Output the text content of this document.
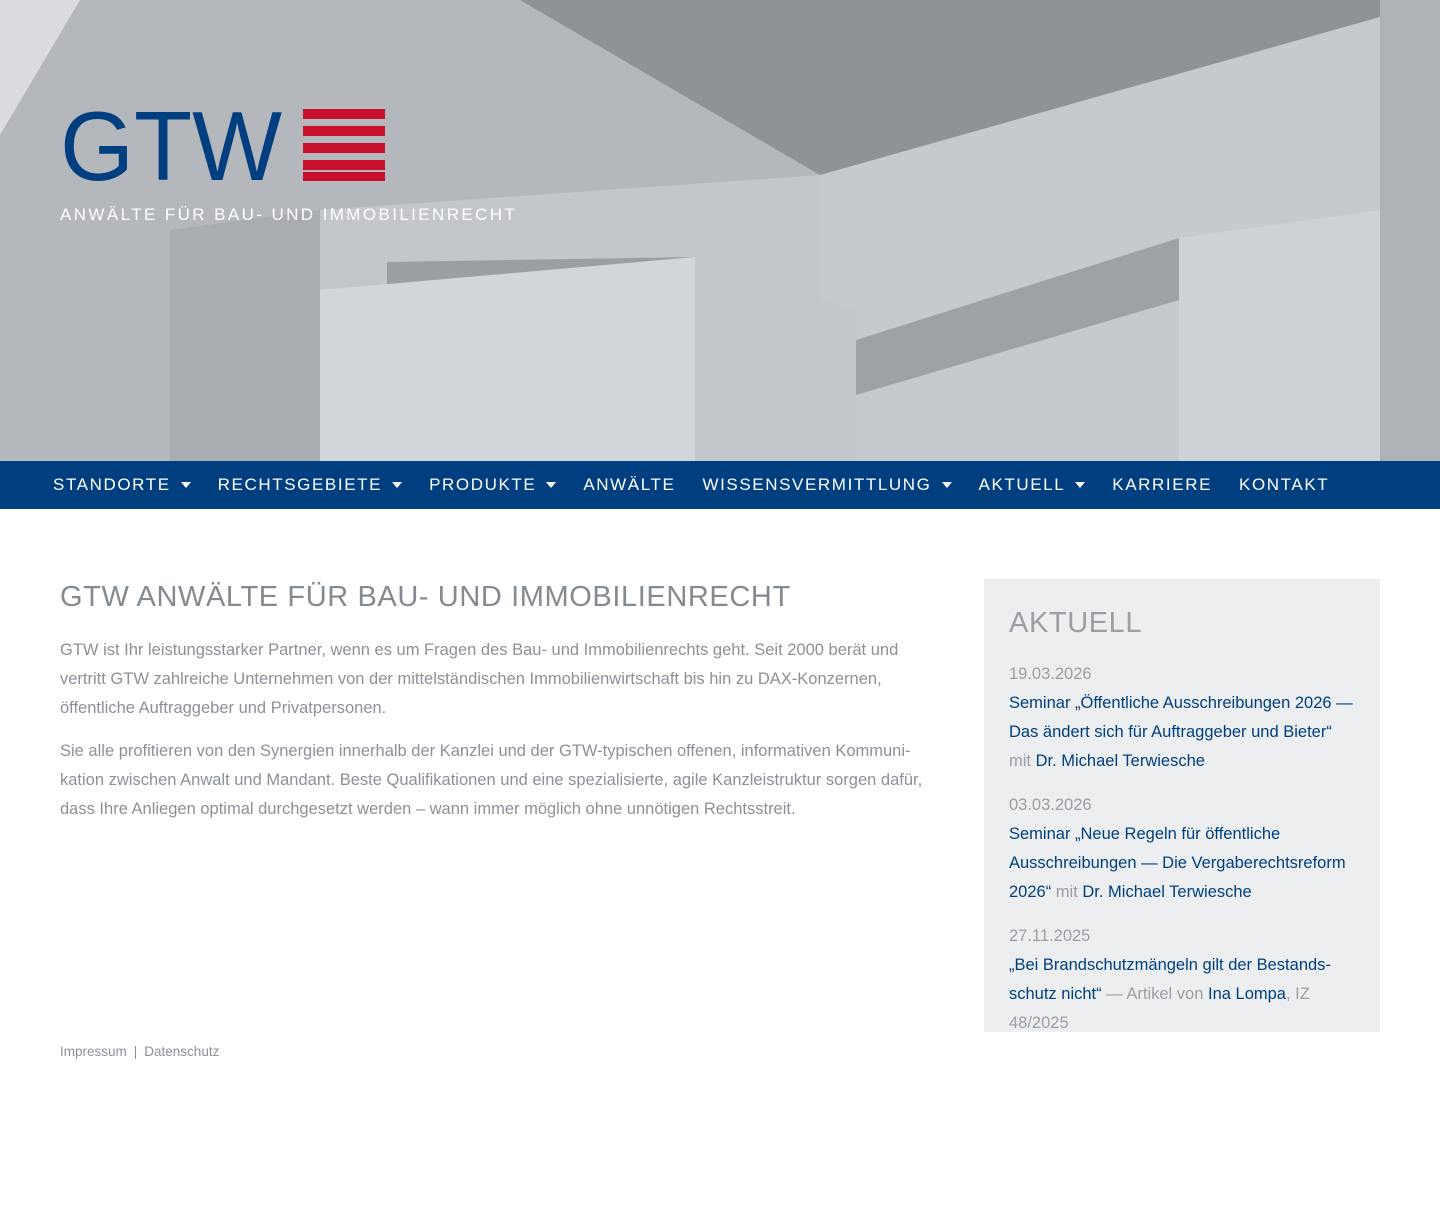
GTW
ANWÄLTE FÜR BAU- UND IMMOBILIENRECHT
STANDORTE	RECHTSGEBIETE	PRODUKTE	ANWÄLTE WISSENSVERMITTLUNG	AKTUELL	KARRIERE KONTAKT
GTW ANWÄLTE FÜR BAU- UND IMMOBILIENRECHT

GTW ist Ihr leistungsstarker Partner, wenn es um Fragen des Bau- und Immobilienrechts geht. Seit 2000 berät und vertritt GTW zahlreiche Unternehmen von der mittelständischen Immobilienwirtschaft bis hin zu DAX-Konzernen, öffentliche Auftraggeber und Privatpersonen.

Sie alle profitieren von den Synergien innerhalb der Kanzlei und der GTW-typischen offenen, informativen Kommunikation zwischen Anwalt und Mandant. Beste Qualifikationen und eine spezialisierte, agile Kanzleistruktur sorgen dafür, dass Ihre Anliegen optimal durchgesetzt werden – wann immer möglich ohne unnötigen Rechtsstreit.

AKTUELL
19.03.2026
Seminar „Öffentliche Ausschreibungen 2026 — Das ändert sich für Auftraggeber und Bieter“ mit Dr. Michael Terwiesche
03.03.2026
Seminar „Neue Regeln für öffentliche Ausschreibungen — Die Vergaberechtsreform 2026“ mit Dr. Michael Terwiesche
27.11.2025
„Bei Brandschutzmängeln gilt der Bestandsschutz nicht“ — Artikel von Ina Lompa, IZ 48/2025
Impressum | Datenschutz
